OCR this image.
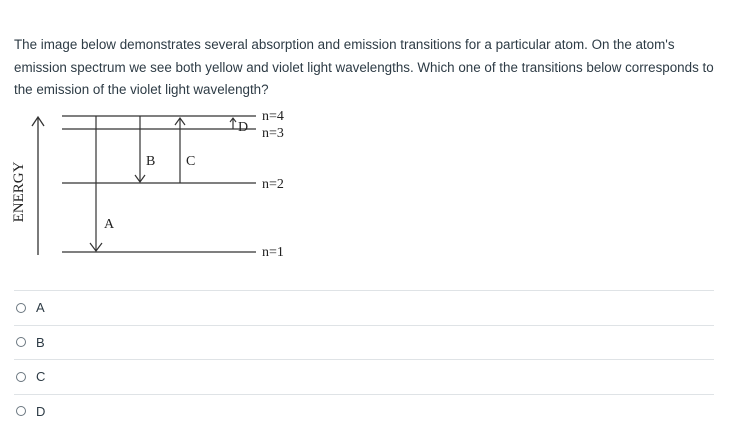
The image below demonstrates several absorption and emission transitions for a particular atom. On the atom's emission spectrum we see both yellow and violet light wavelengths. Which one of the transitions below corresponds to the emission of the violet light wavelength?

ENERGY
n=4
n=3
n=2
n=1
A
B C
D
A
B
C
D
